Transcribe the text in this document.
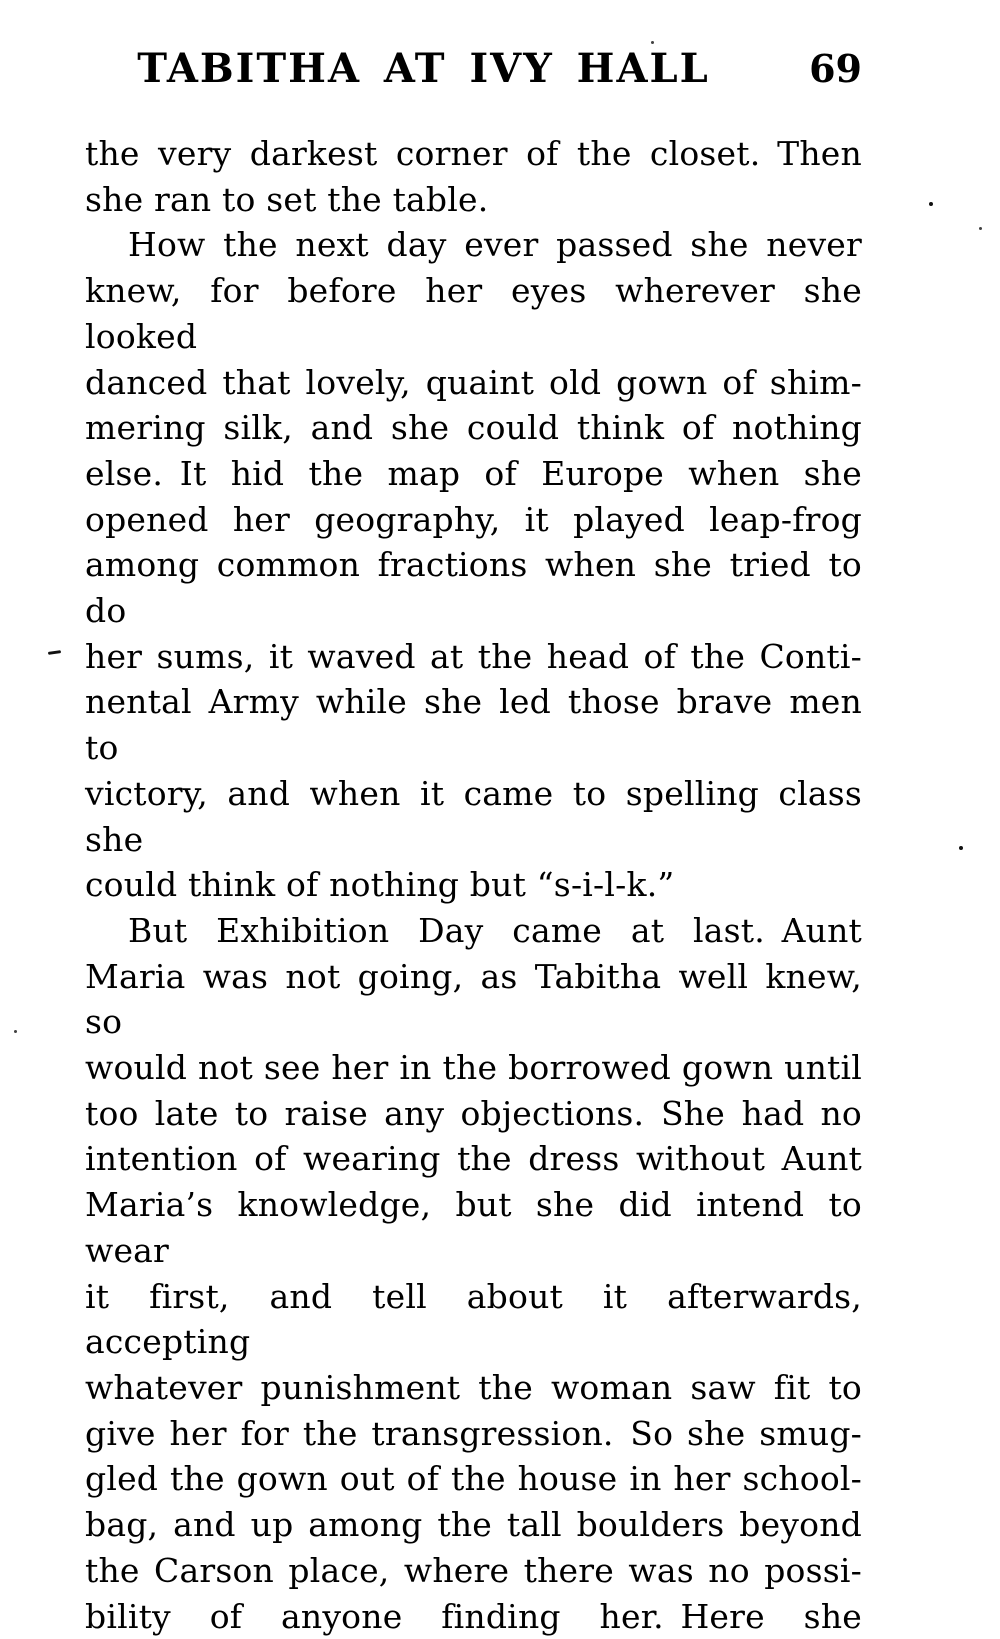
TABITHA AT IVY HALL	69
the very darkest corner of the closet. Then
she ran to set the table.
How the next day ever passed she never
knew, for before her eyes wherever she looked
danced that lovely, quaint old gown of shim-
mering silk, and she could think of nothing
else. It hid the map of Europe when she
opened her geography, it played leap-frog
among common fractions when she tried to do
her sums, it waved at the head of the Conti-
nental Army while she led those brave men to
victory, and when it came to spelling class she
could think of nothing but “s-i-l-k.”
But Exhibition Day came at last. Aunt
Maria was not going, as Tabitha well knew, so
would not see her in the borrowed gown until
too late to raise any objections. She had no
intention of wearing the dress without Aunt
Maria’s knowledge, but she did intend to wear
it first, and tell about it afterwards, accepting
whatever punishment the woman saw fit to
give her for the transgression. So she smug-
gled the gown out of the house in her school-
bag, and up among the tall boulders beyond
the Carson place, where there was no possi-
bility of anyone finding her. Here she
